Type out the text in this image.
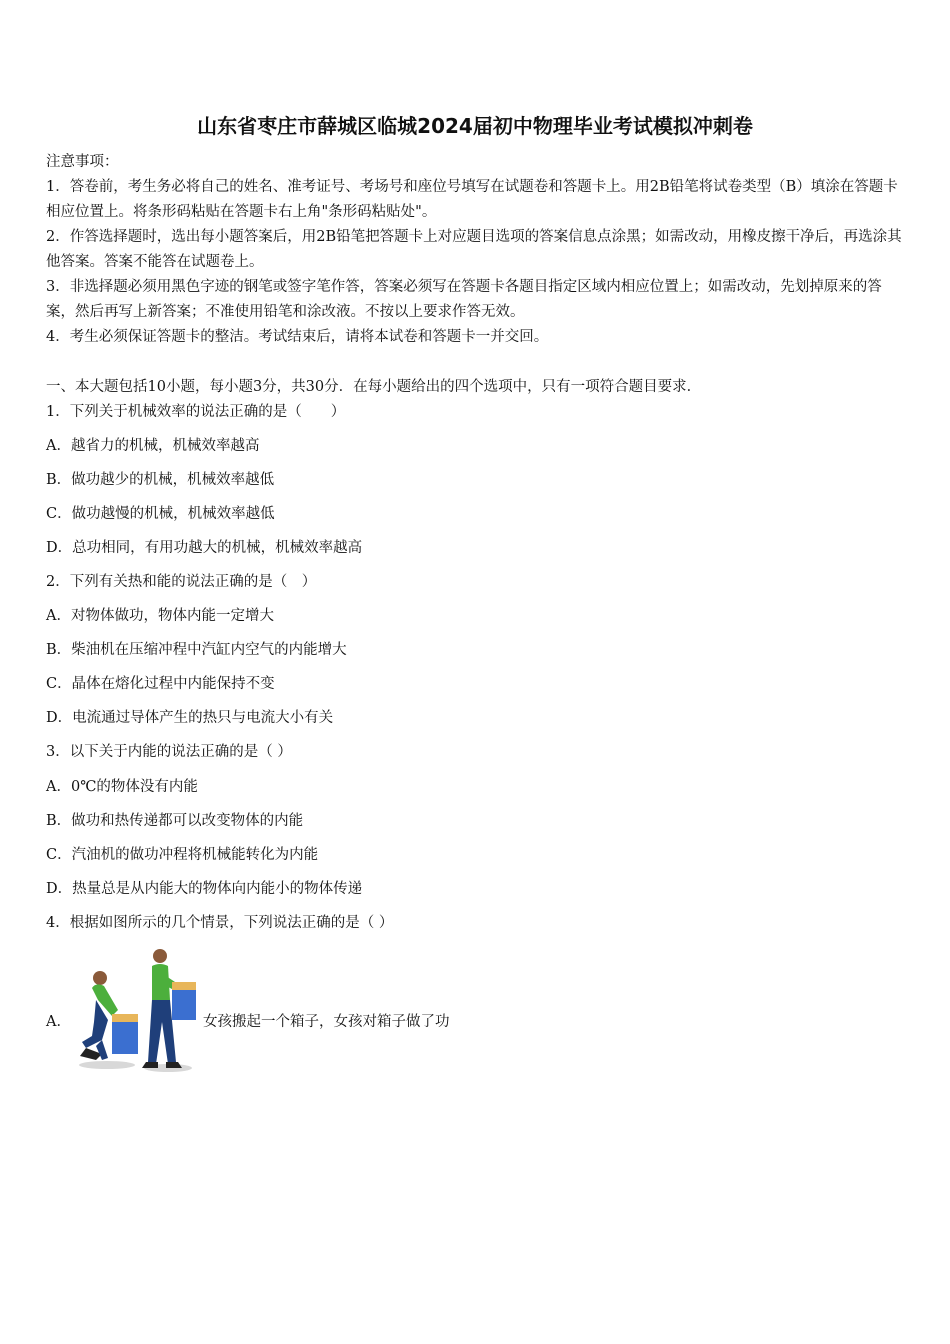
山东省枣庄市薛城区临城2024届初中物理毕业考试模拟冲刺卷

注意事项：

1．答卷前，考生务必将自己的姓名、准考证号、考场号和座位号填写在试题卷和答题卡上。用2B铅笔将试卷类型（B）填涂在答题卡相应位置上。将条形码粘贴在答题卡右上角"条形码粘贴处"。

2．作答选择题时，选出每小题答案后，用2B铅笔把答题卡上对应题目选项的答案信息点涂黑；如需改动，用橡皮擦干净后，再选涂其他答案。答案不能答在试题卷上。

3．非选择题必须用黑色字迹的钢笔或签字笔作答，答案必须写在答题卡各题目指定区域内相应位置上；如需改动，先划掉原来的答案，然后再写上新答案；不准使用铅笔和涂改液。不按以上要求作答无效。

4．考生必须保证答题卡的整洁。考试结束后，请将本试卷和答题卡一并交回。

一、本大题包括10小题，每小题3分，共30分．在每小题给出的四个选项中，只有一项符合题目要求．
1．下列关于机械效率的说法正确的是（　　）
A．越省力的机械，机械效率越高
B．做功越少的机械，机械效率越低
C．做功越慢的机械，机械效率越低
D．总功相同，有用功越大的机械，机械效率越高
2．下列有关热和能的说法正确的是（　）
A．对物体做功，物体内能一定增大
B．柴油机在压缩冲程中汽缸内空气的内能增大
C．晶体在熔化过程中内能保持不变
D．电流通过导体产生的热只与电流大小有关
3．以下关于内能的说法正确的是（ ）
A．0℃的物体没有内能
B．做功和热传递都可以改变物体的内能
C．汽油机的做功冲程将机械能转化为内能
D．热量总是从内能大的物体向内能小的物体传递
4．根据如图所示的几个情景，下列说法正确的是（ ）
A．	女孩搬起一个箱子，女孩对箱子做了功
